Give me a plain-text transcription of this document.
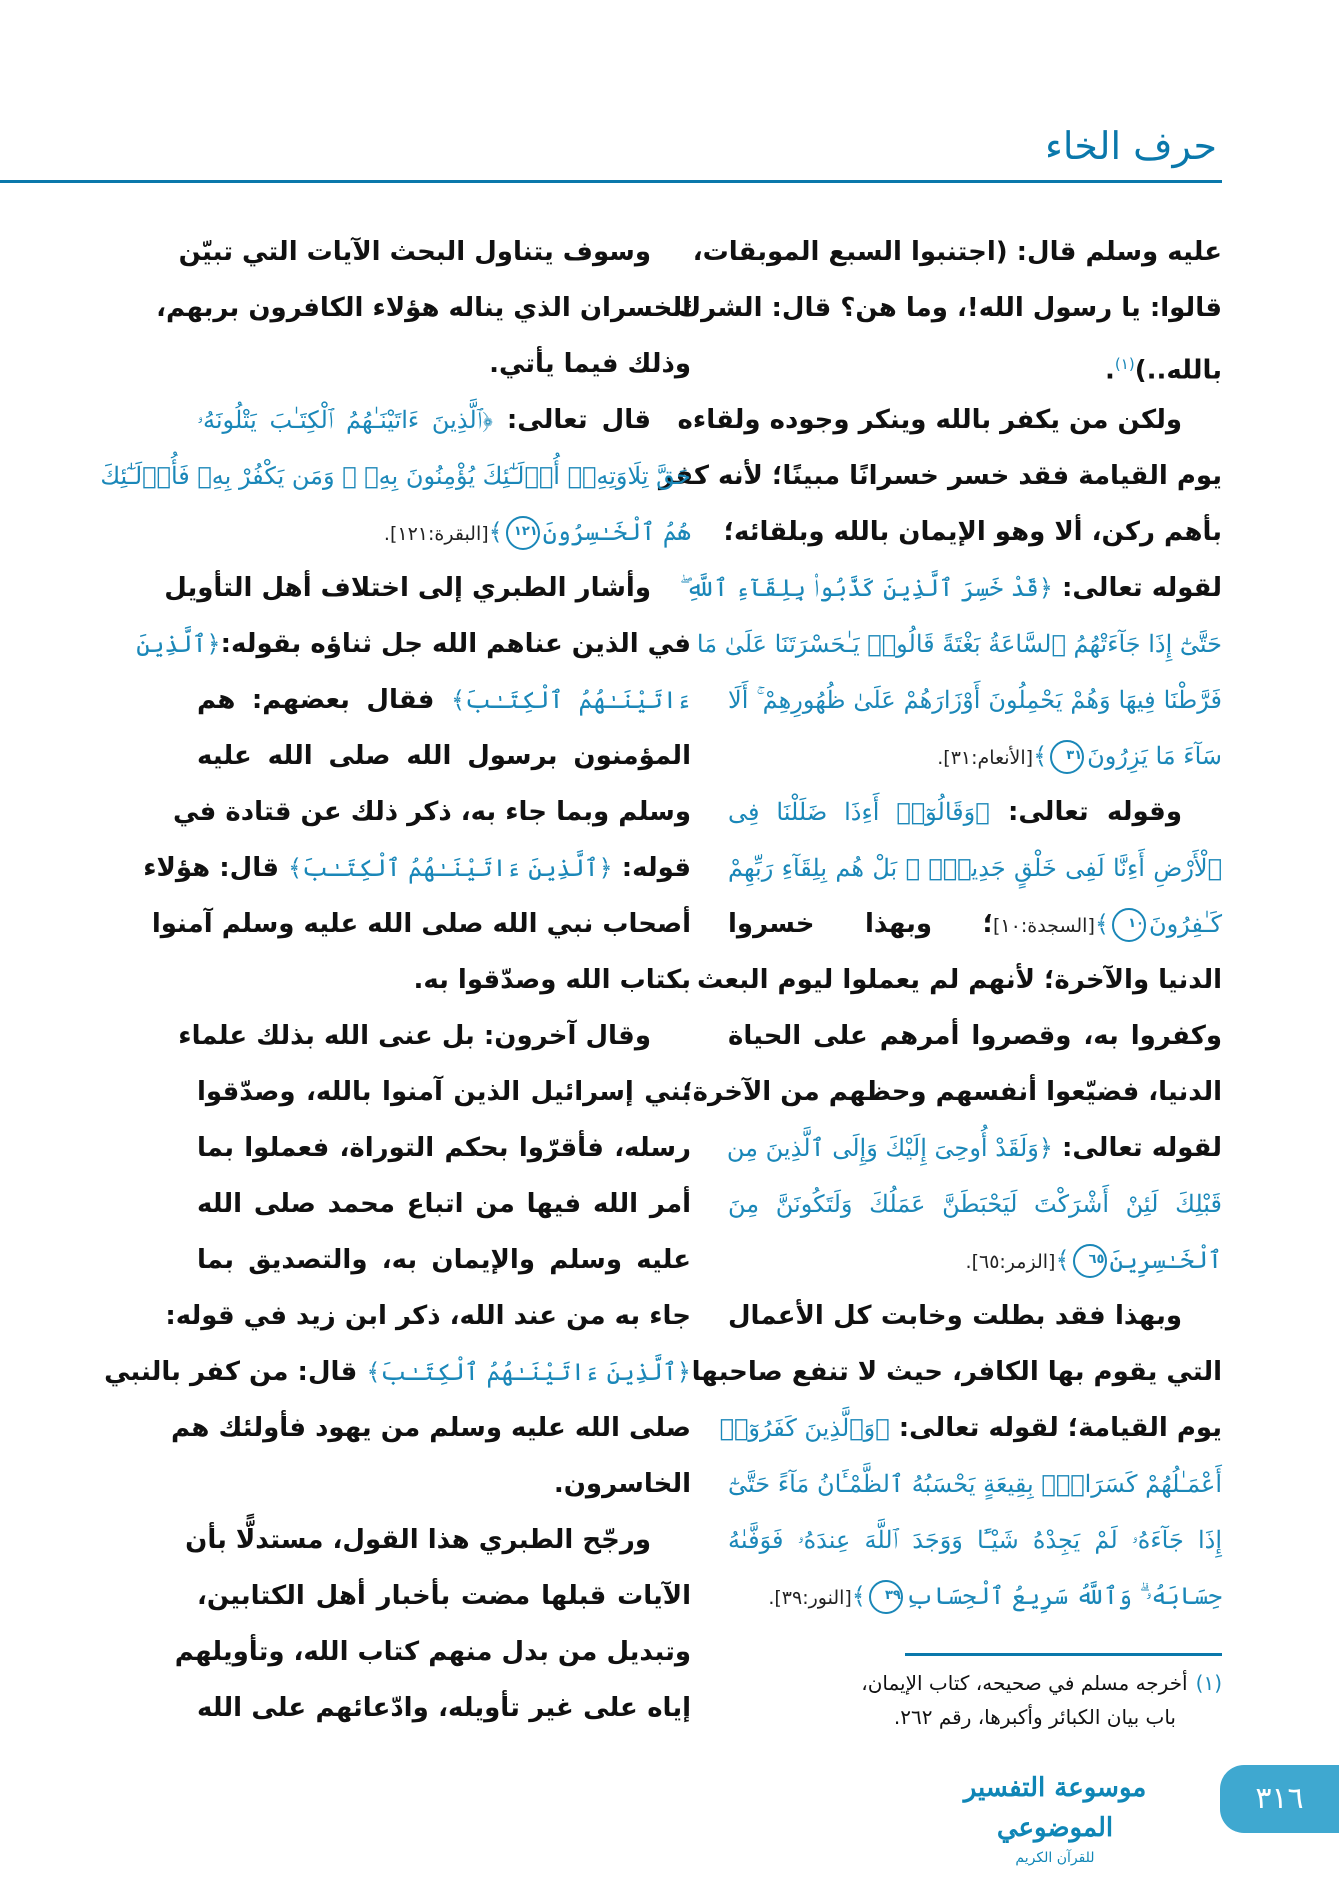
حرف الخاء
عليه وسلم قال: (اجتنبوا السبع الموبقات،
قالوا: يا رسول الله!، وما هن؟ قال: الشرك
بالله..)$^{(١)}$.
ولكن من يكفر بالله وينكر وجوده ولقاءه
يوم القيامة فقد خسر خسرانًا مبينًا؛ لأنه كفر
بأهم ركن، ألا وهو الإيمان بالله وبلقائه؛
لقوله تعالى: ﴿قَدْ خَسِرَ ٱلَّذِينَ كَذَّبُوا۟ بِلِقَآءِ ٱللَّهِ ۖ
حَتَّىٰٓ إِذَا جَآءَتْهُمُ ٱلسَّاعَةُ بَغْتَةً قَالُوا۟ يَـٰحَسْرَتَنَا عَلَىٰ مَا
فَرَّطْنَا فِيهَا وَهُمْ يَحْمِلُونَ أَوْزَارَهُمْ عَلَىٰ ظُهُورِهِمْ ۚ أَلَا
سَآءَ مَا يَزِرُونَ٣١﴾[الأنعام:٣١].
وقوله تعالى: ﴿وَقَالُوٓا۟ أَءِذَا ضَلَلْنَا فِى
ٱلْأَرْضِ أَءِنَّا لَفِى خَلْقٍ جَدِيدٍۭ ۚ بَلْ هُم بِلِقَآءِ رَبِّهِمْ
كَـٰفِرُونَ١٠﴾[السجدة:١٠]؛ وبهذا خسروا
الدنيا والآخرة؛ لأنهم لم يعملوا ليوم البعث
وكفروا به، وقصروا أمرهم على الحياة
الدنيا، فضيّعوا أنفسهم وحظهم من الآخرة؛
لقوله تعالى: ﴿وَلَقَدْ أُوحِىَ إِلَيْكَ وَإِلَى ٱلَّذِينَ مِن
قَبْلِكَ لَئِنْ أَشْرَكْتَ لَيَحْبَطَنَّ عَمَلُكَ وَلَتَكُونَنَّ مِنَ
ٱلْخَـٰسِرِينَ٦٥﴾[الزمر:٦٥].
وبهذا فقد بطلت وخابت كل الأعمال
التي يقوم بها الكافر، حيث لا تنفع صاحبها
يوم القيامة؛ لقوله تعالى: ﴿وَٱلَّذِينَ كَفَرُوٓا۟
أَعْمَـٰلُهُمْ كَسَرَابٍۭ بِقِيعَةٍ يَحْسَبُهُ ٱلظَّمْـَٔانُ مَآءً حَتَّىٰٓ
إِذَا جَآءَهُۥ لَمْ يَجِدْهُ شَيْـًٔا وَوَجَدَ ٱللَّهَ عِندَهُۥ فَوَفَّىٰهُ
حِسَابَهُۥ ۗ وَٱللَّهُ سَرِيعُ ٱلْحِسَابِ٣٩﴾[النور:٣٩].
وسوف يتناول البحث الآيات التي تبيّن
الخسران الذي يناله هؤلاء الكافرون بربهم،
وذلك فيما يأتي.
قال تعالى: ﴿ٱلَّذِينَ ءَاتَيْنَـٰهُمُ ٱلْكِتَـٰبَ يَتْلُونَهُۥ
حَقَّ تِلَاوَتِهِۦٓ أُو۟لَـٰٓئِكَ يُؤْمِنُونَ بِهِۦ ۗ وَمَن يَكْفُرْ بِهِۦ فَأُو۟لَـٰٓئِكَ
هُمُ ٱلْخَـٰسِرُونَ١٢١﴾[البقرة:١٢١].
وأشار الطبري إلى اختلاف أهل التأويل
في الذين عناهم الله جل ثناؤه بقوله:﴿ٱلَّذِينَ
ءَاتَيْنَـٰهُمُ ٱلْكِتَـٰبَ﴾ فقال بعضهم: هم
المؤمنون برسول الله صلى الله عليه
وسلم وبما جاء به، ذكر ذلك عن قتادة في
قوله: ﴿ٱلَّذِينَ ءَاتَيْنَـٰهُمُ ٱلْكِتَـٰبَ﴾ قال: هؤلاء
أصحاب نبي الله صلى الله عليه وسلم آمنوا
بكتاب الله وصدّقوا به.
وقال آخرون: بل عنى الله بذلك علماء
بني إسرائيل الذين آمنوا بالله، وصدّقوا
رسله، فأقرّوا بحكم التوراة، فعملوا بما
أمر الله فيها من اتباع محمد صلى الله
عليه وسلم والإيمان به، والتصديق بما
جاء به من عند الله، ذكر ابن زيد في قوله:
﴿ٱلَّذِينَ ءَاتَيْنَـٰهُمُ ٱلْكِتَـٰبَ﴾ قال: من كفر بالنبي
صلى الله عليه وسلم من يهود فأولئك هم
الخاسرون.
ورجّح الطبري هذا القول، مستدلًّا بأن
الآيات قبلها مضت بأخبار أهل الكتابين،
وتبديل من بدل منهم كتاب الله، وتأويلهم
إياه على غير تأويله، وادّعائهم على الله
(١)أخرجه مسلم في صحيحه، كتاب الإيمان،
باب بيان الكبائر وأكبرها، رقم ٢٦٢.
موسوعة التفسير الموضوعي
للقرآن الكريم
٣١٦
